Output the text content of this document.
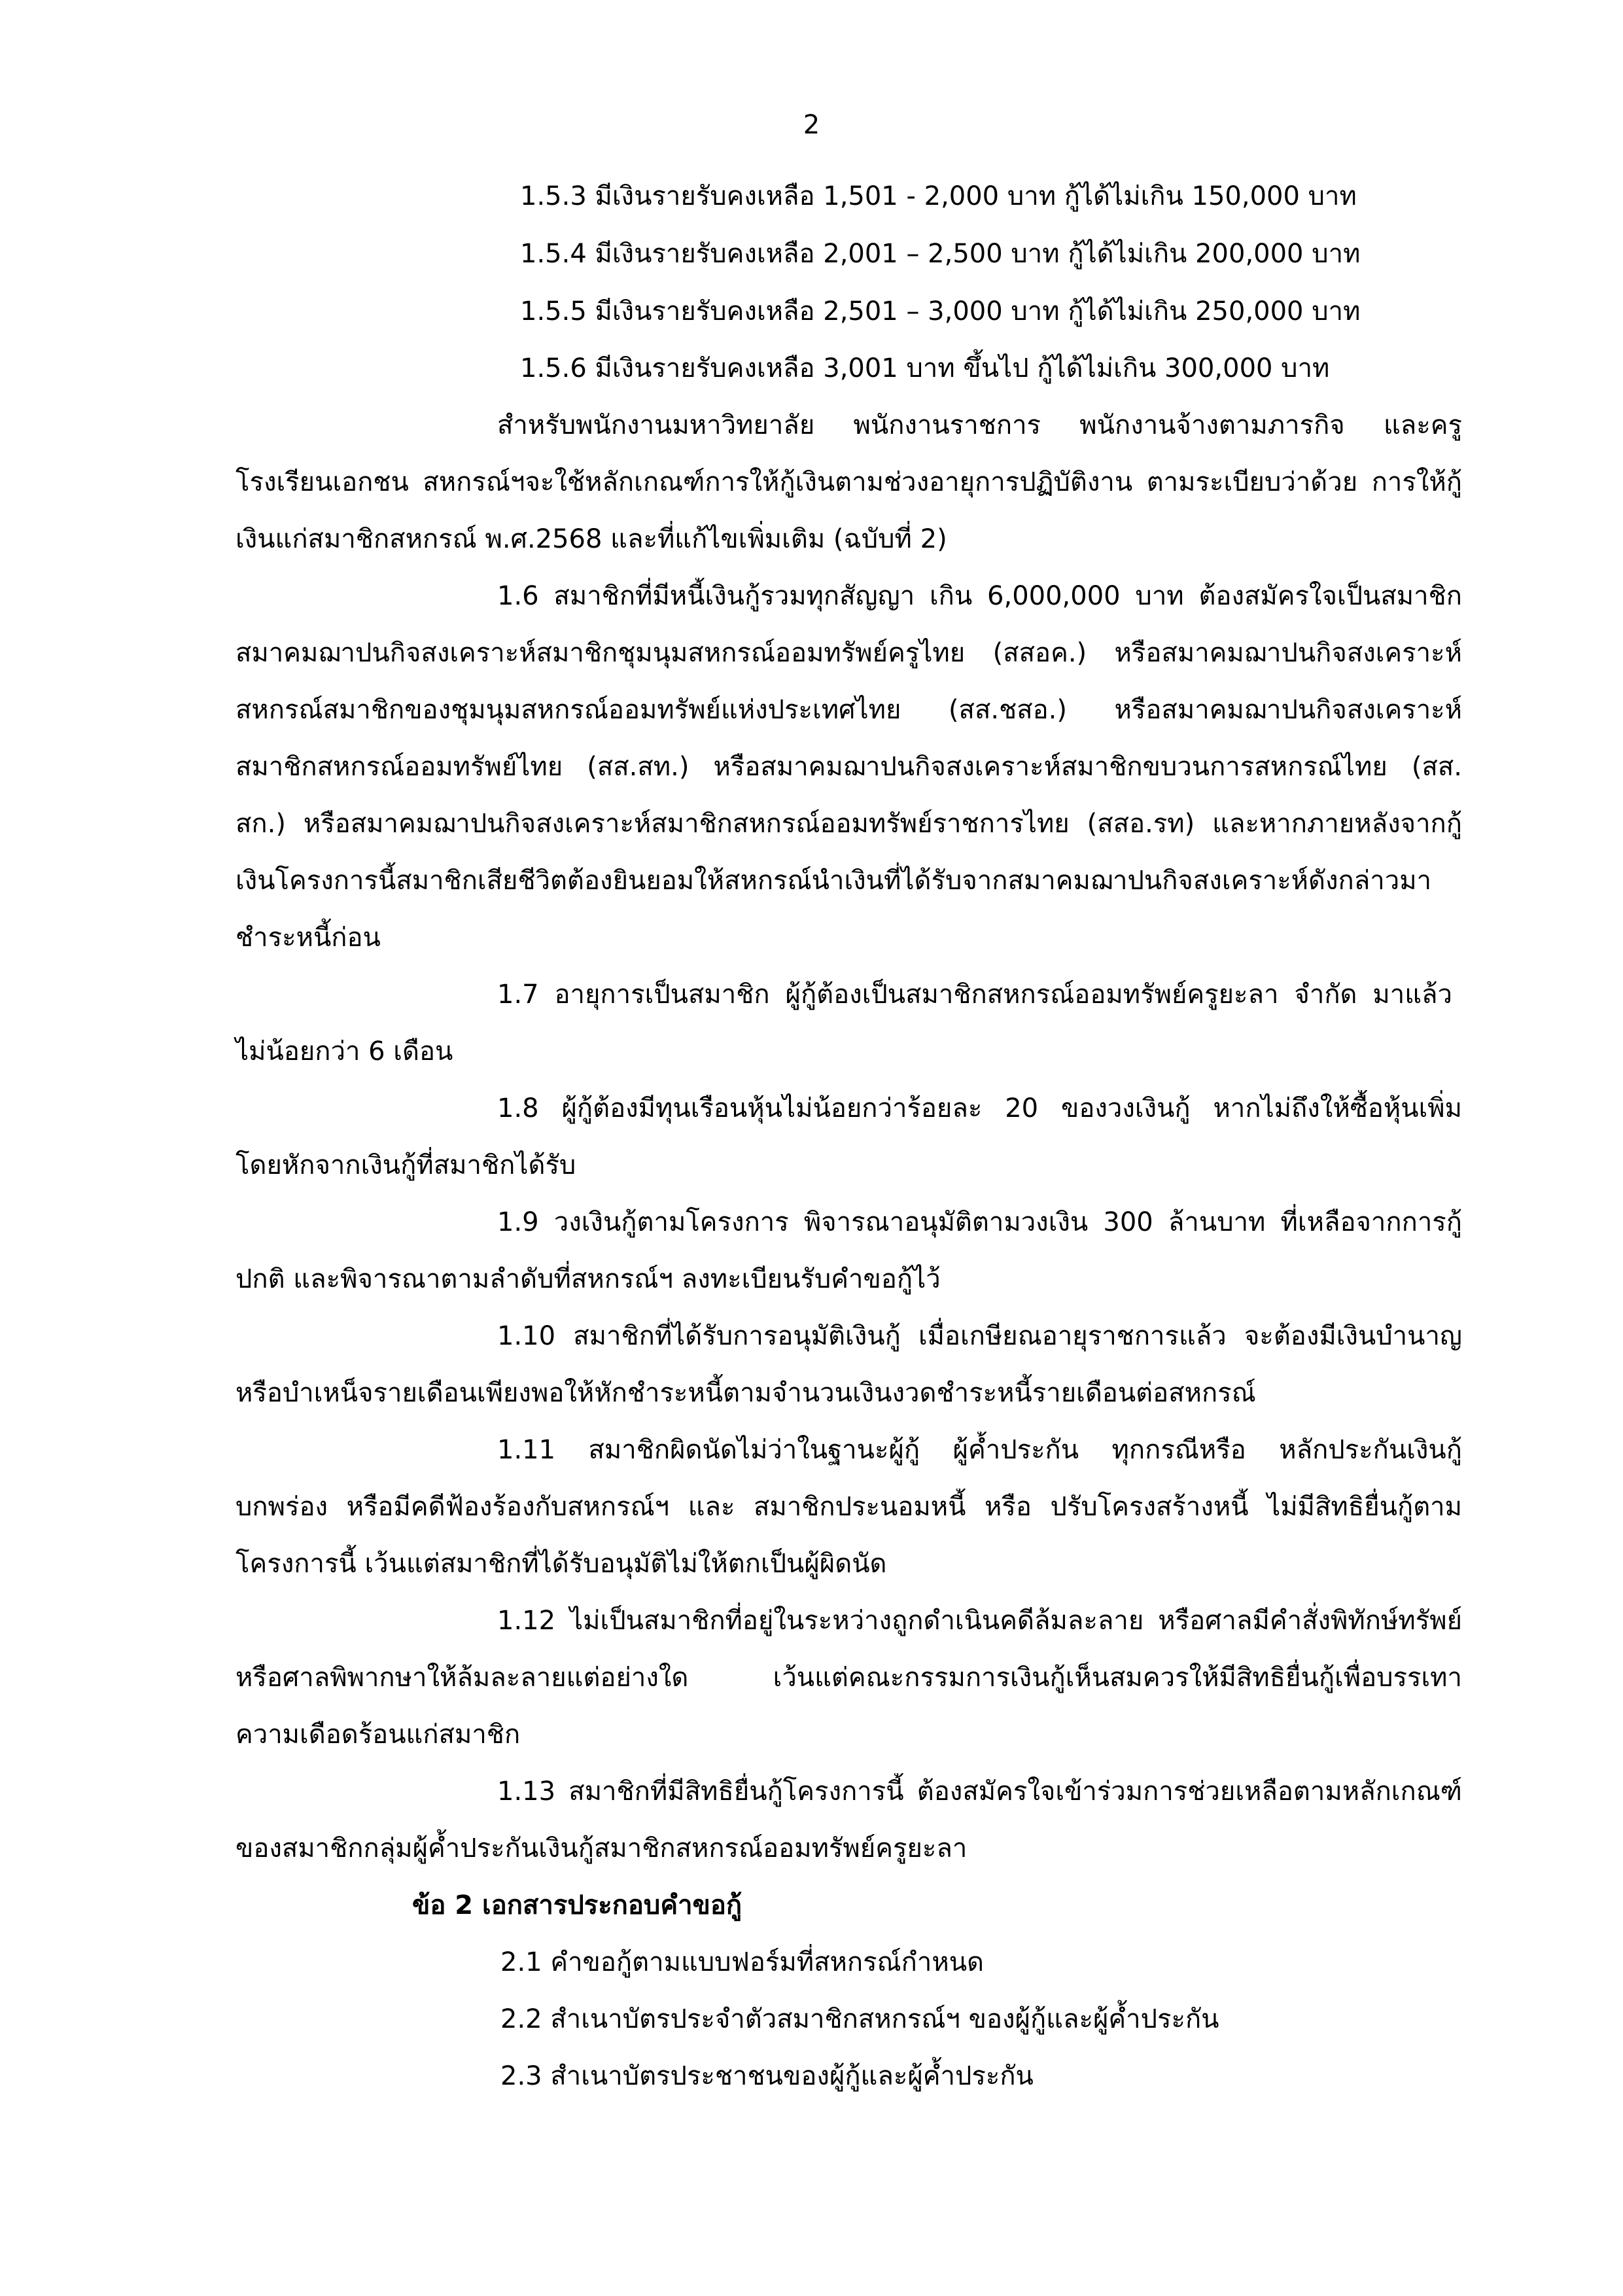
2
1.5.3 มีเงินรายรับคงเหลือ 1,501 - 2,000 บาท กู้ได้ไม่เกิน 150,000 บาท
1.5.4 มีเงินรายรับคงเหลือ 2,001 – 2,500 บาท กู้ได้ไม่เกิน 200,000 บาท
1.5.5 มีเงินรายรับคงเหลือ 2,501 – 3,000 บาท กู้ได้ไม่เกิน 250,000 บาท
1.5.6 มีเงินรายรับคงเหลือ 3,001 บาท ขึ้นไป กู้ได้ไม่เกิน 300,000 บาท
สำหรับพนักงานมหาวิทยาลัย พนักงานราชการ พนักงานจ้างตามภารกิจ และครู
โรงเรียนเอกชน สหกรณ์ฯจะใช้หลักเกณฑ์การให้กู้เงินตามช่วงอายุการปฏิบัติงาน ตามระเบียบว่าด้วย การให้กู้
เงินแก่สมาชิกสหกรณ์ พ.ศ.2568 และที่แก้ไขเพิ่มเติม (ฉบับที่ 2)
1.6 สมาชิกที่มีหนี้เงินกู้รวมทุกสัญญา เกิน 6,000,000 บาท ต้องสมัครใจเป็นสมาชิก
สมาคมฌาปนกิจสงเคราะห์สมาชิกชุมนุมสหกรณ์ออมทรัพย์ครูไทย (สสอค.) หรือสมาคมฌาปนกิจสงเคราะห์
สหกรณ์สมาชิกของชุมนุมสหกรณ์ออมทรัพย์แห่งประเทศไทย (สส.ชสอ.) หรือสมาคมฌาปนกิจสงเคราะห์
สมาชิกสหกรณ์ออมทรัพย์ไทย (สส.สท.) หรือสมาคมฌาปนกิจสงเคราะห์สมาชิกขบวนการสหกรณ์ไทย (สส.
สก.) หรือสมาคมฌาปนกิจสงเคราะห์สมาชิกสหกรณ์ออมทรัพย์ราชการไทย (สสอ.รท) และหากภายหลังจากกู้
เงินโครงการนี้สมาชิกเสียชีวิตต้องยินยอมให้สหกรณ์นำเงินที่ได้รับจากสมาคมฌาปนกิจสงเคราะห์ดังกล่าวมา
ชำระหนี้ก่อน
1.7 อายุการเป็นสมาชิก ผู้กู้ต้องเป็นสมาชิกสหกรณ์ออมทรัพย์ครูยะลา จำกัด มาแล้ว
ไม่น้อยกว่า 6 เดือน
1.8 ผู้กู้ต้องมีทุนเรือนหุ้นไม่น้อยกว่าร้อยละ 20 ของวงเงินกู้ หากไม่ถึงให้ซื้อหุ้นเพิ่ม
โดยหักจากเงินกู้ที่สมาชิกได้รับ
1.9 วงเงินกู้ตามโครงการ พิจารณาอนุมัติตามวงเงิน 300 ล้านบาท ที่เหลือจากการกู้
ปกติ และพิจารณาตามลำดับที่สหกรณ์ฯ ลงทะเบียนรับคำขอกู้ไว้
1.10 สมาชิกที่ได้รับการอนุมัติเงินกู้ เมื่อเกษียณอายุราชการแล้ว จะต้องมีเงินบำนาญ
หรือบำเหน็จรายเดือนเพียงพอให้หักชำระหนี้ตามจำนวนเงินงวดชำระหนี้รายเดือนต่อสหกรณ์
1.11 สมาชิกผิดนัดไม่ว่าในฐานะผู้กู้ ผู้ค้ำประกัน ทุกกรณีหรือ หลักประกันเงินกู้
บกพร่อง หรือมีคดีฟ้องร้องกับสหกรณ์ฯ และ สมาชิกประนอมหนี้ หรือ ปรับโครงสร้างหนี้ ไม่มีสิทธิยื่นกู้ตาม
โครงการนี้ เว้นแต่สมาชิกที่ได้รับอนุมัติไม่ให้ตกเป็นผู้ผิดนัด
1.12 ไม่เป็นสมาชิกที่อยู่ในระหว่างถูกดำเนินคดีล้มละลาย หรือศาลมีคำสั่งพิทักษ์ทรัพย์
หรือศาลพิพากษาให้ล้มละลายแต่อย่างใด เว้นแต่คณะกรรมการเงินกู้เห็นสมควรให้มีสิทธิยื่นกู้เพื่อบรรเทา
ความเดือดร้อนแก่สมาชิก
1.13 สมาชิกที่มีสิทธิยื่นกู้โครงการนี้ ต้องสมัครใจเข้าร่วมการช่วยเหลือตามหลักเกณฑ์
ของสมาชิกกลุ่มผู้ค้ำประกันเงินกู้สมาชิกสหกรณ์ออมทรัพย์ครูยะลา
ข้อ 2 เอกสารประกอบคำขอกู้
2.1 คำขอกู้ตามแบบฟอร์มที่สหกรณ์กำหนด
2.2 สำเนาบัตรประจำตัวสมาชิกสหกรณ์ฯ ของผู้กู้และผู้ค้ำประกัน
2.3 สำเนาบัตรประชาชนของผู้กู้และผู้ค้ำประกัน
